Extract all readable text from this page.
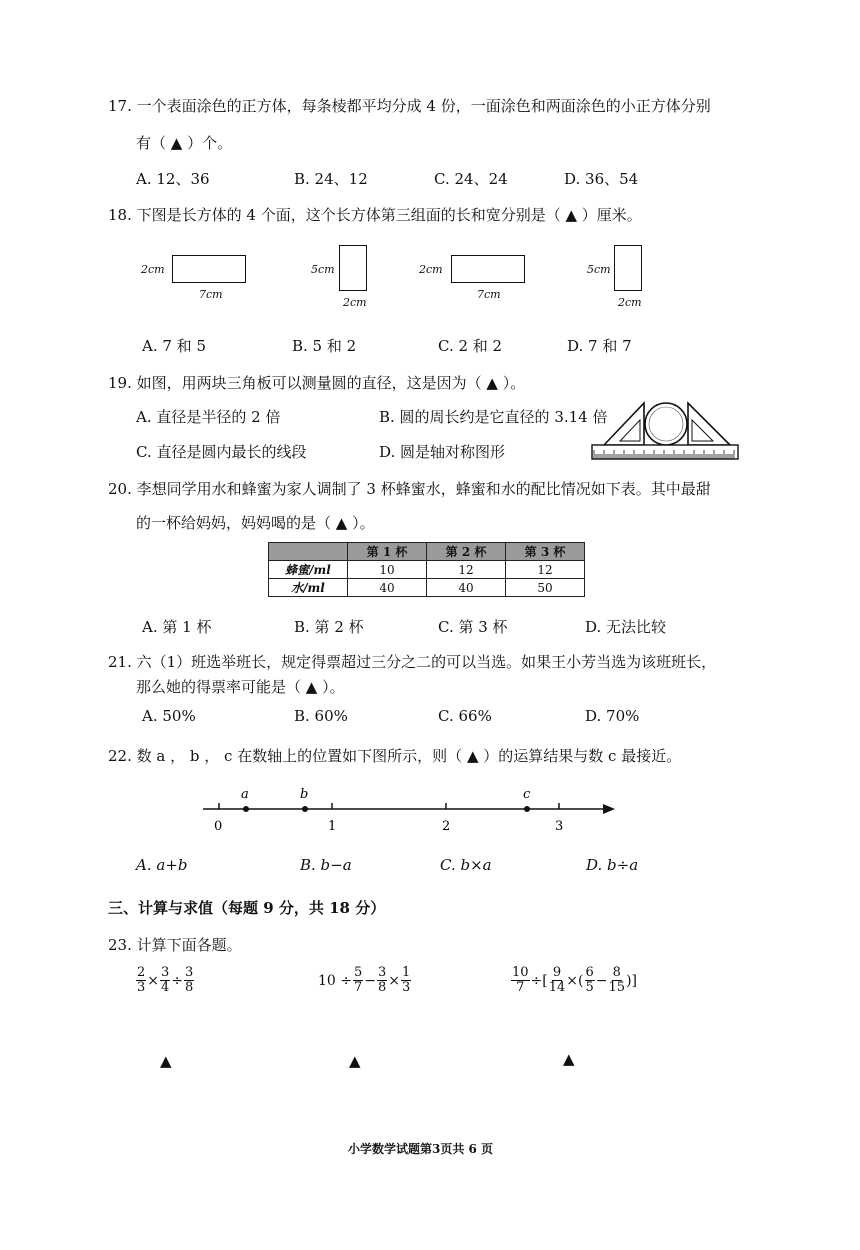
17. 一个表面涂色的正方体，每条棱都平均分成 4 份，一面涂色和两面涂色的小正方体分别
有（ ▲ ）个。
A. 12、36	B. 24、12	C. 24、24	D. 36、54
18. 下图是长方体的 4 个面，这个长方体第三组面的长和宽分别是（ ▲ ）厘米。
2cm
7cm
5cm
2cm
2cm
7cm
5cm
2cm
A. 7 和 5	B. 5 和 2	C. 2 和 2	D. 7 和 7
19. 如图，用两块三角板可以测量圆的直径，这是因为（ ▲ ）。
A. 直径是半径的 2 倍	B. 圆的周长约是它直径的 3.14 倍
C. 直径是圆内最长的线段	D. 圆是轴对称图形
20. 李想同学用水和蜂蜜为家人调制了 3 杯蜂蜜水，蜂蜜和水的配比情况如下表。其中最甜
的一杯给妈妈，妈妈喝的是（ ▲ ）。
	第 1 杯	第 2 杯	第 3 杯
蜂蜜/ml	10	12	12
水/ml	40	40	50
A. 第 1 杯	B. 第 2 杯	C. 第 3 杯	D. 无法比较
21. 六（1）班选举班长，规定得票超过三分之二的可以当选。如果王小芳当选为该班班长，
那么她的得票率可能是（ ▲ ）。
A. 50%	B. 60%	C. 66%	D. 70%
22. 数 a ， b ， c 在数轴上的位置如下图所示，则（ ▲ ）的运算结果与数 c 最接近。
a	b	c
0	1	2	3
A. a+b	B. b−a	C. b×a	D. b÷a
三、计算与求值（每题 9 分，共 18 分）
23. 计算下面各题。
$\frac{2}{3} \times \frac{3}{4} \div \frac{3}{8}$	$10 \div \frac{5}{7} - \frac{3}{8} \times \frac{1}{3}$	$\frac{10}{7}$ ÷[ $\frac{9}{14}$ ×( $\frac{6}{5} - \frac{8}{15}$ )]
▲	▲	▲
小学数学试题第3页共 6 页
